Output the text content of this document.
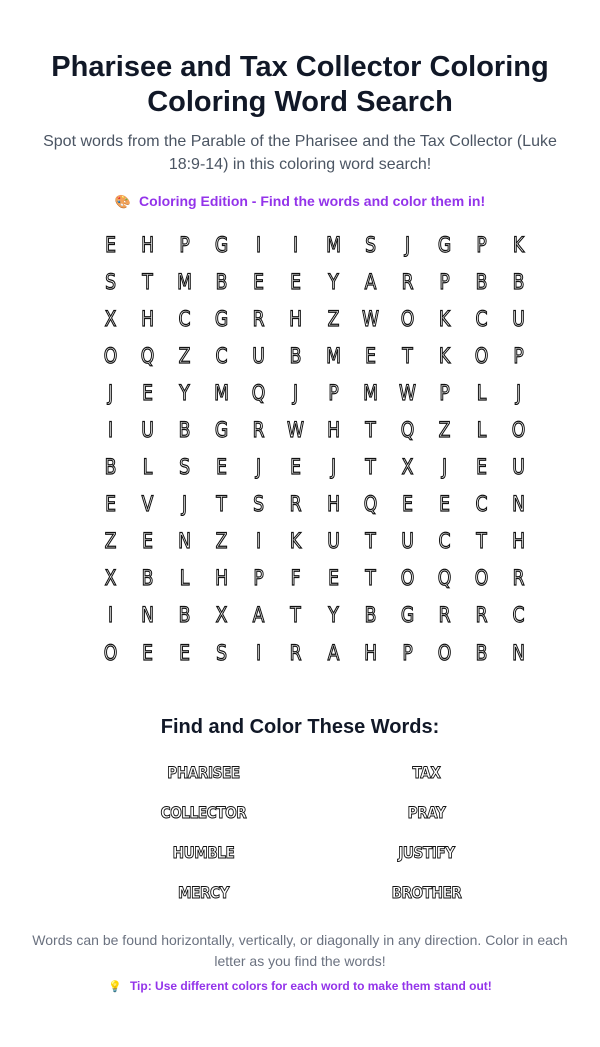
Pharisee and Tax Collector Coloring
Coloring Word Search

Spot words from the Parable of the Pharisee and the Tax Collector (Luke 18:9-14) in this coloring word search!

🎨 Coloring Edition - Find the words and color them in!
E	H	P	G	I	I	M	S	J	G	P	K
S	T	M	B	E	E	Y	A	R	P	B	B
X	H	C	G	R	H	Z	W	O	K	C	U
O	Q	Z	C	U	B	M	E	T	K	O	P
J	E	Y	M	Q	J	P	M	W	P	L	J
I	U	B	G	R	W	H	T	Q	Z	L	O
B	L	S	E	J	E	J	T	X	J	E	U
E	V	J	T	S	R	H	Q	E	E	C	N
Z	E	N	Z	I	K	U	T	U	C	T	H
X	B	L	H	P	F	E	T	O	Q	O	R
I	N	B	X	A	T	Y	B	G	R	R	C
O	E	E	S	I	R	A	H	P	O	B	N
Find and Color These Words:
PHARISEE	TAX
COLLECTOR	PRAY
HUMBLE	JUSTIFY
MERCY	BROTHER

Words can be found horizontally, vertically, or diagonally in any direction. Color in each letter as you find the words!

💡 Tip: Use different colors for each word to make them stand out!
